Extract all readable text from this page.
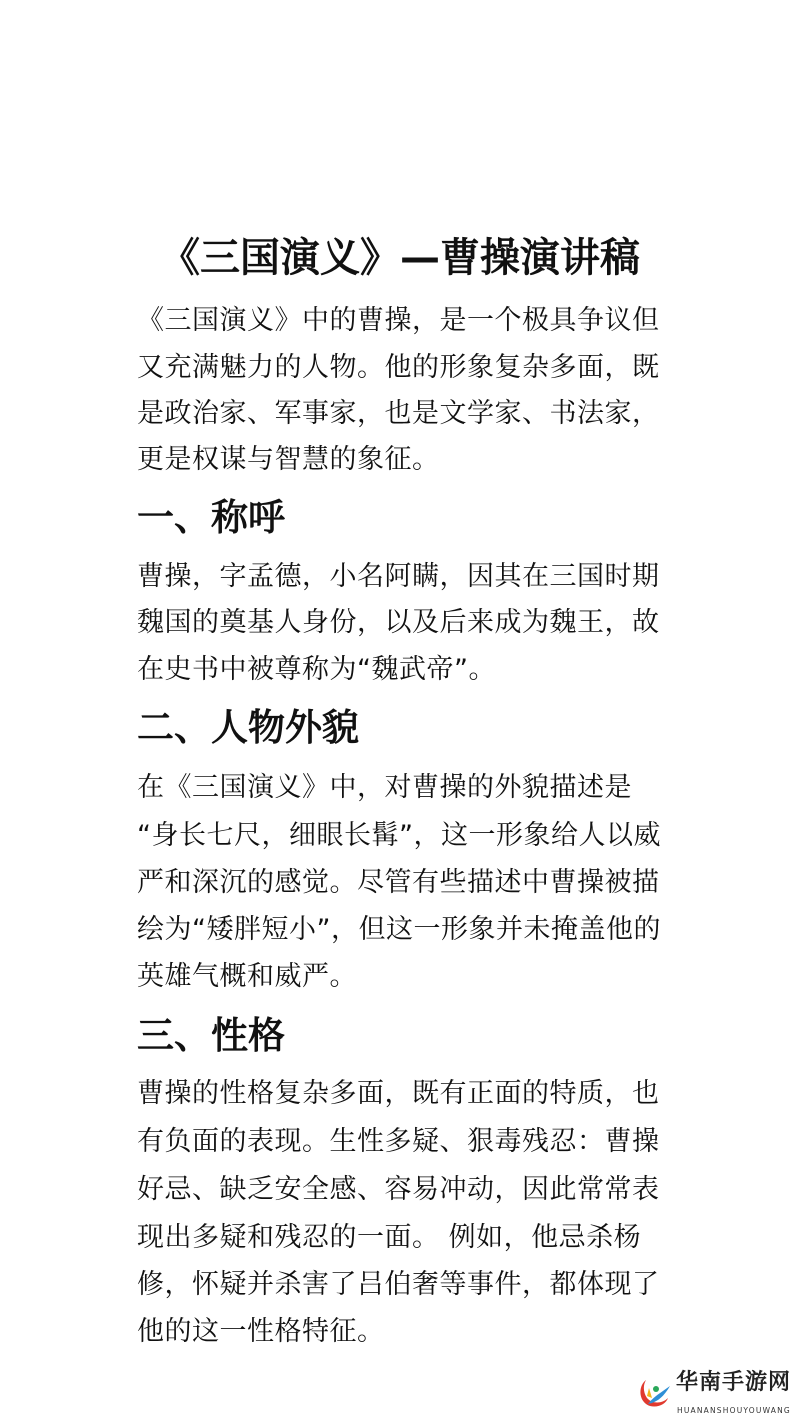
《三国演义》—曹操演讲稿
《三国演义》中的曹操，是一个极具争议但
又充满魅力的人物。他的形象复杂多面，既
是政治家、军事家，也是文学家、书法家，
更是权谋与智慧的象征。
一、称呼
曹操，字孟德，小名阿瞒，因其在三国时期
魏国的奠基人身份，以及后来成为魏王，故
在史书中被尊称为“魏武帝”。
二、人物外貌
在《三国演义》中，对曹操的外貌描述是
“身长七尺，细眼长髯”，这一形象给人以威
严和深沉的感觉。尽管有些描述中曹操被描
绘为“矮胖短小”，但这一形象并未掩盖他的
英雄气概和威严。
三、性格
曹操的性格复杂多面，既有正面的特质，也
有负面的表现。生性多疑、狠毒残忍：曹操
好忌、缺乏安全感、容易冲动，因此常常表
现出多疑和残忍的一面。 例如，他忌杀杨
修，怀疑并杀害了吕伯奢等事件，都体现了
他的这一性格特征。
华南手游网
HUANANSHOUYOUWANG
